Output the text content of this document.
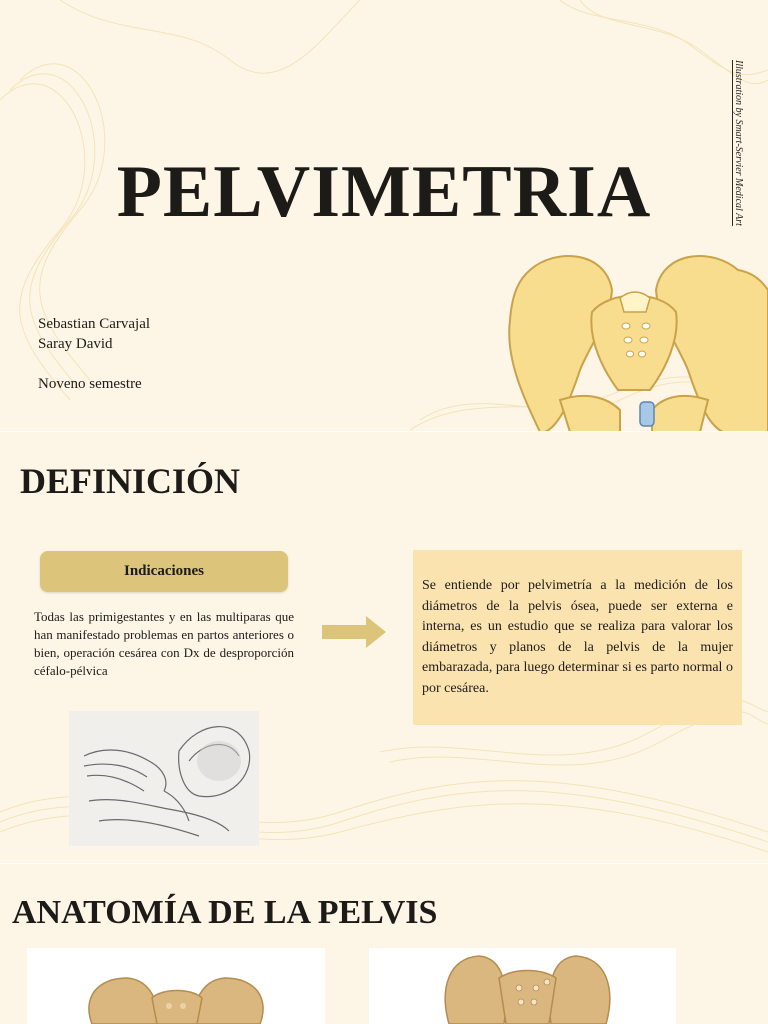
PELVIMETRIA	Illustration by Smart-Servier Medical Art
Sebastian Carvajal
Saray David
Noveno semestre
DEFINICIÓN
Indicaciones
Todas las primigestantes y en las multiparas que han manifestado problemas en partos anteriores o bien, operación cesárea con Dx de desproporción céfalo-pélvica
Se entiende por pelvimetría a la medición de los diámetros de la pelvis ósea, puede ser externa e interna, es un estudio que se realiza para valorar los diámetros y planos de la pelvis de la mujer embarazada, para luego determinar si es parto normal o por cesárea.
ANATOMÍA DE LA PELVIS
